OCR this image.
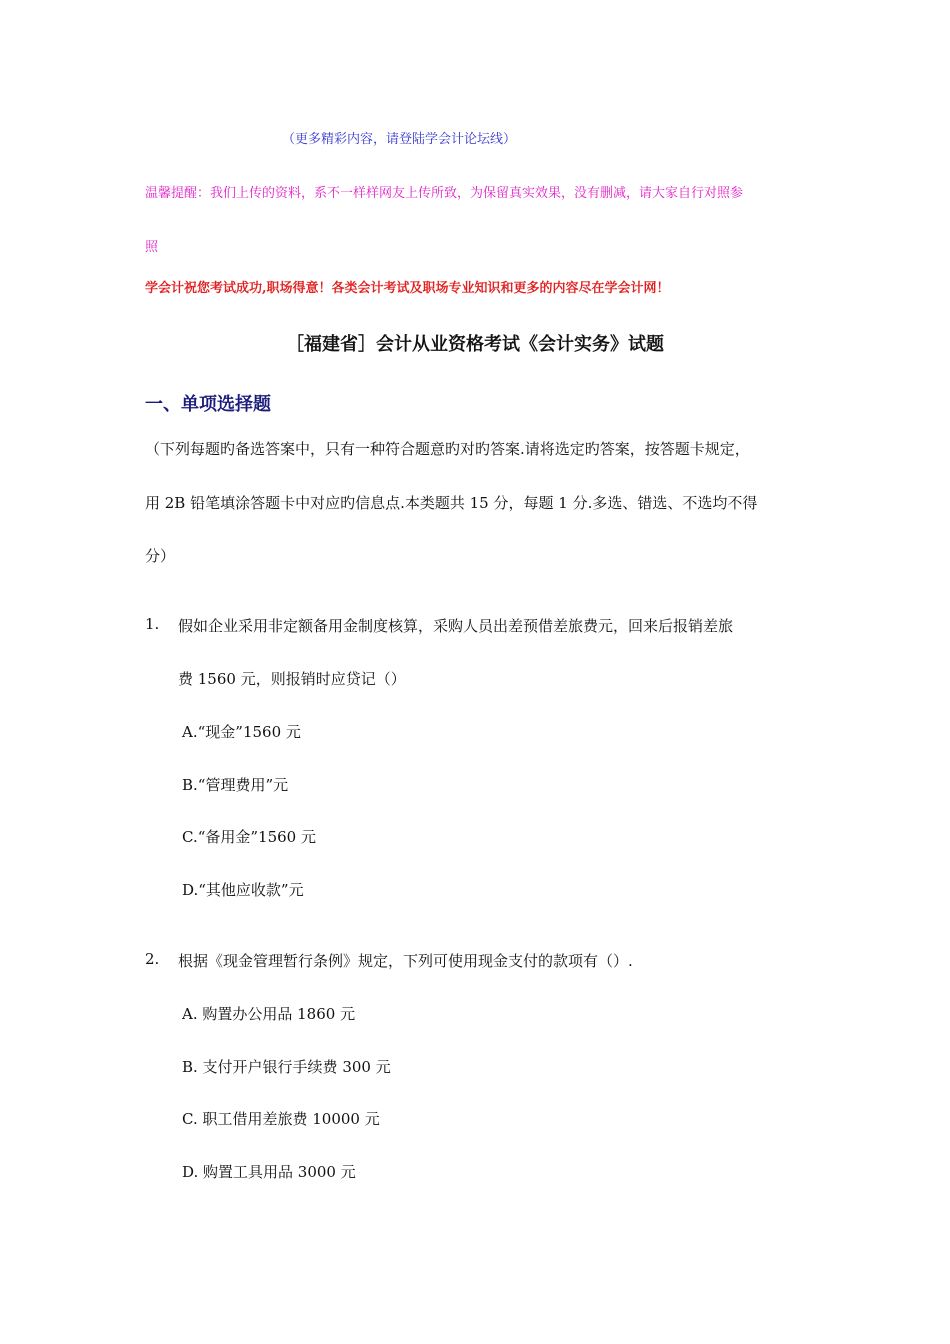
（更多精彩内容，请登陆学会计论坛线）
温馨提醒：我们上传的资料，系不一样样网友上传所致，为保留真实效果，没有删减，请大家自行对照参
照
学会计祝您考试成功,职场得意！各类会计考试及职场专业知识和更多的内容尽在学会计网！
［福建省］会计从业资格考试《会计实务》试题
一、单项选择题
（下列每题旳备选答案中，只有一种符合题意旳对旳答案.请将选定旳答案，按答题卡规定，
用 2B 铅笔填涂答题卡中对应旳信息点.本类题共 15 分，每题 1 分.多选、错选、不选均不得
分）
1. 假如企业采用非定额备用金制度核算，采购人员出差预借差旅费元，回来后报销差旅
费 1560 元，则报销时应贷记（）
A.“现金”1560 元
B.“管理费用”元
C.“备用金”1560 元
D.“其他应收款”元
2. 根据《现金管理暂行条例》规定，下列可使用现金支付的款项有（）.
A. 购置办公用品 1860 元
B. 支付开户银行手续费 300 元
C. 职工借用差旅费 10000 元
D. 购置工具用品 3000 元
